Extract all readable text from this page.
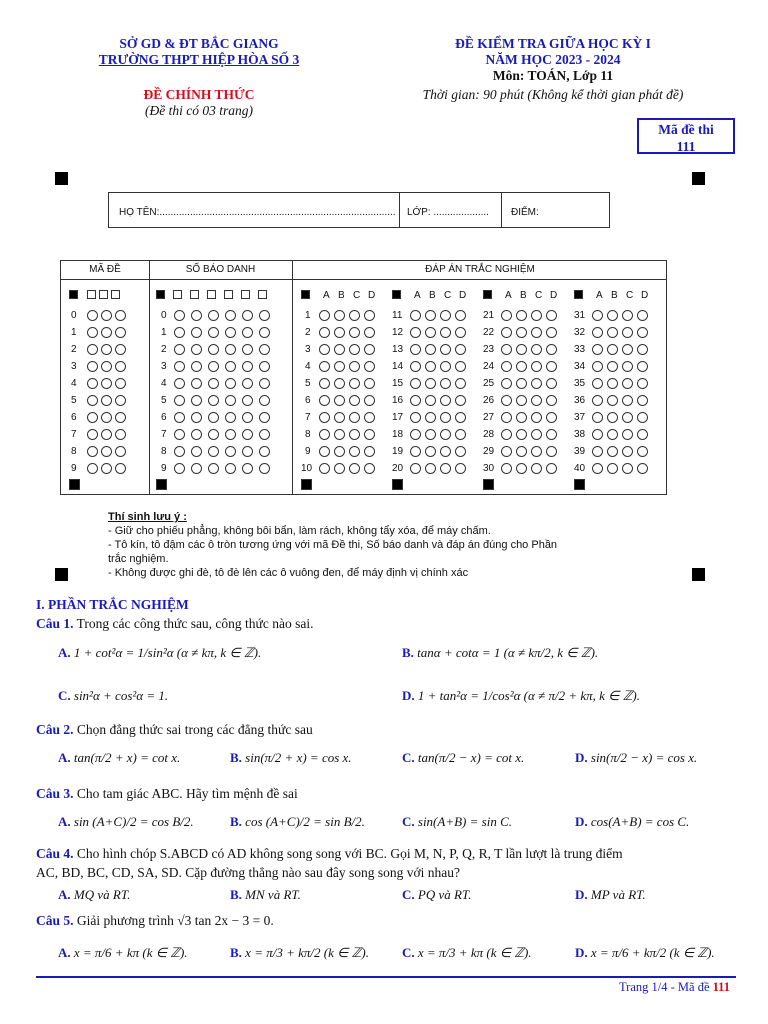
SỞ GD & ĐT BẮC GIANG
TRƯỜNG THPT HIỆP HÒA SỐ 3
ĐỀ KIỂM TRA GIỮA HỌC KỲ I
NĂM HỌC 2023 - 2024
Môn: TOÁN, Lớp 11
ĐỀ CHÍNH THỨC
(Đề thi có 03 trang)
Thời gian: 90 phút (Không kể thời gian phát đề)
Mã đề thi
111
HỌ TÊN:..................................................................................... LỚP: .................... ĐIỂM:
MÃ ĐỀ	SỐ BÁO DANH	ĐÁP ÁN TRẮC NGHIỆM
0	0
1	1
2	2
3	3
4	4
5	5
6	6
7	7
8	8
9	9
A B C D
1
2
3
4
5
6
7
8
9
10
A B C D
11
12
13
14
15
16
17
18
19
20
A B C D
21
22
23
24
25
26
27
28
29
30
A B C D
31
32
33
34
35
36
37
38
39
40
Thí sinh lưu ý :
- Giữ cho phiếu phẳng, không bôi bẩn, làm rách, không tẩy xóa, để máy chấm.
- Tô kín, tô đậm các ô tròn tương ứng với mã Đề thi, Số báo danh và đáp án đúng cho Phần
trắc nghiệm.
- Không được ghi đè, tô đè lên các ô vuông đen, để máy định vị chính xác
I. PHẦN TRẮC NGHIỆM
Câu 1. Trong các công thức sau, công thức nào sai.
A. 1 + cot²α = 1/sin²α (α ≠ kπ, k ∈ ℤ).	B. tanα + cotα = 1 (α ≠ kπ/2, k ∈ ℤ).
C. sin²α + cos²α = 1.	D. 1 + tan²α = 1/cos²α (α ≠ π/2 + kπ, k ∈ ℤ).
Câu 2. Chọn đẳng thức sai trong các đẳng thức sau
A. tan(π/2 + x) = cot x.	B. sin(π/2 + x) = cos x.	C. tan(π/2 − x) = cot x.	D. sin(π/2 − x) = cos x.
Câu 3. Cho tam giác ABC. Hãy tìm mệnh đề sai
A. sin (A+C)/2 = cos B/2.	B. cos (A+C)/2 = sin B/2.	C. sin(A+B) = sin C.	D. cos(A+B) = cos C.
Câu 4. Cho hình chóp S.ABCD có AD không song song với BC. Gọi M, N, P, Q, R, T lần lượt là trung điểm
AC, BD, BC, CD, SA, SD. Cặp đường thẳng nào sau đây song song với nhau?
A. MQ và RT.	B. MN và RT.	C. PQ và RT.	D. MP và RT.
Câu 5. Giải phương trình √3 tan 2x − 3 = 0.
A. x = π/6 + kπ (k ∈ ℤ).	B. x = π/3 + kπ/2 (k ∈ ℤ).	C. x = π/3 + kπ (k ∈ ℤ).	D. x = π/6 + kπ/2 (k ∈ ℤ).
Trang 1/4 - Mã đề 111
